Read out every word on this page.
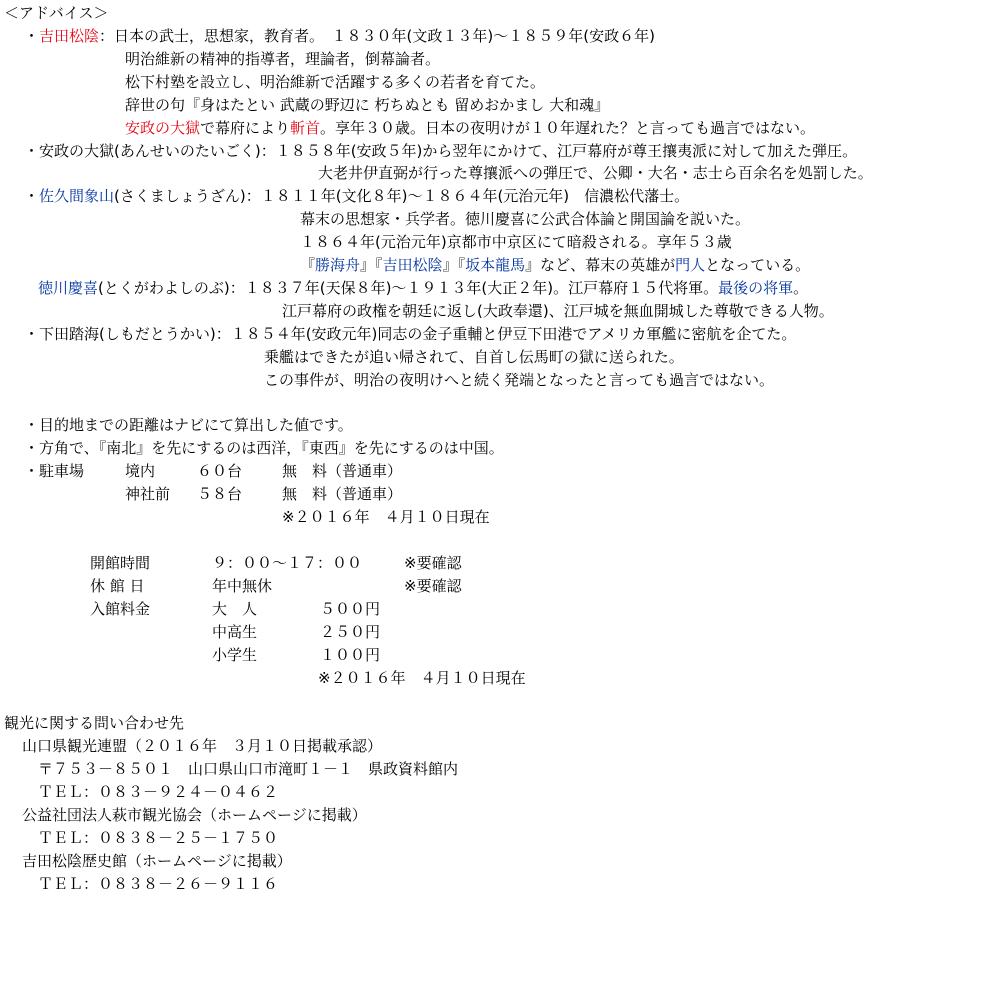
＜アドバイス＞
・吉田松陰：日本の武士，思想家，教育者。　１８３０年(文政１３年)～１８５９年(安政６年)
明治維新の精神的指導者，理論者，倒幕論者。
松下村塾を設立し、明治維新で活躍する多くの若者を育てた。
辞世の句『身はたとい 武蔵の野辺に 朽ちぬとも 留めおかまし 大和魂』
安政の大獄で幕府により斬首。享年３０歳。日本の夜明けが１０年遅れた？と言っても過言ではない。
・安政の大獄(あんせいのたいごく)：１８５８年(安政５年)から翌年にかけて、江戸幕府が尊王攘夷派に対して加えた弾圧。
大老井伊直弼が行った尊攘派への弾圧で、公卿・大名・志士ら百余名を処罰した。
・佐久間象山(さくましょうざん)：１８１１年(文化８年)～１８６４年(元治元年)　信濃松代藩士。
幕末の思想家・兵学者。徳川慶喜に公武合体論と開国論を説いた。
１８６４年(元治元年)京都市中京区にて暗殺される。享年５３歳
『勝海舟』『吉田松陰』『坂本龍馬』など、幕末の英雄が門人となっている。
徳川慶喜(とくがわよしのぶ)：１８３７年(天保８年)～１９１３年(大正２年)。江戸幕府１５代将軍。最後の将軍。
江戸幕府の政権を朝廷に返し(大政奉還)、江戸城を無血開城した尊敬できる人物。
・下田踏海(しもだとうかい)：１８５４年(安政元年)同志の金子重輔と伊豆下田港でアメリカ軍艦に密航を企てた。
乗艦はできたが追い帰されて、自首し伝馬町の獄に送られた。
この事件が、明治の夜明けへと続く発端となったと言っても過言ではない。
・目的地までの距離はナビにて算出した値です。
・方角で、『南北』を先にするのは西洋，『東西』を先にするのは中国。
・駐車場	境内	６０台	無　料（普通車）
神社前 ５８台	無　料（普通車）
※２０１６年　４月１０日現在
開館時間	９：００～１７：００	※要確認
休 館 日	年中無休	※要確認
入館料金	大　人	５００円
中高生	２５０円
小学生	１００円
※２０１６年　４月１０日現在
観光に関する問い合わせ先
山口県観光連盟（２０１６年　３月１０日掲載承認）
〒７５３－８５０１　山口県山口市滝町１－１　県政資料館内
ＴＥＬ：０８３－９２４－０４６２
公益社団法人萩市観光協会（ホームページに掲載）
ＴＥＬ：０８３８－２５－１７５０
吉田松陰歴史館（ホームページに掲載）
ＴＥＬ：０８３８－２６－９１１６
